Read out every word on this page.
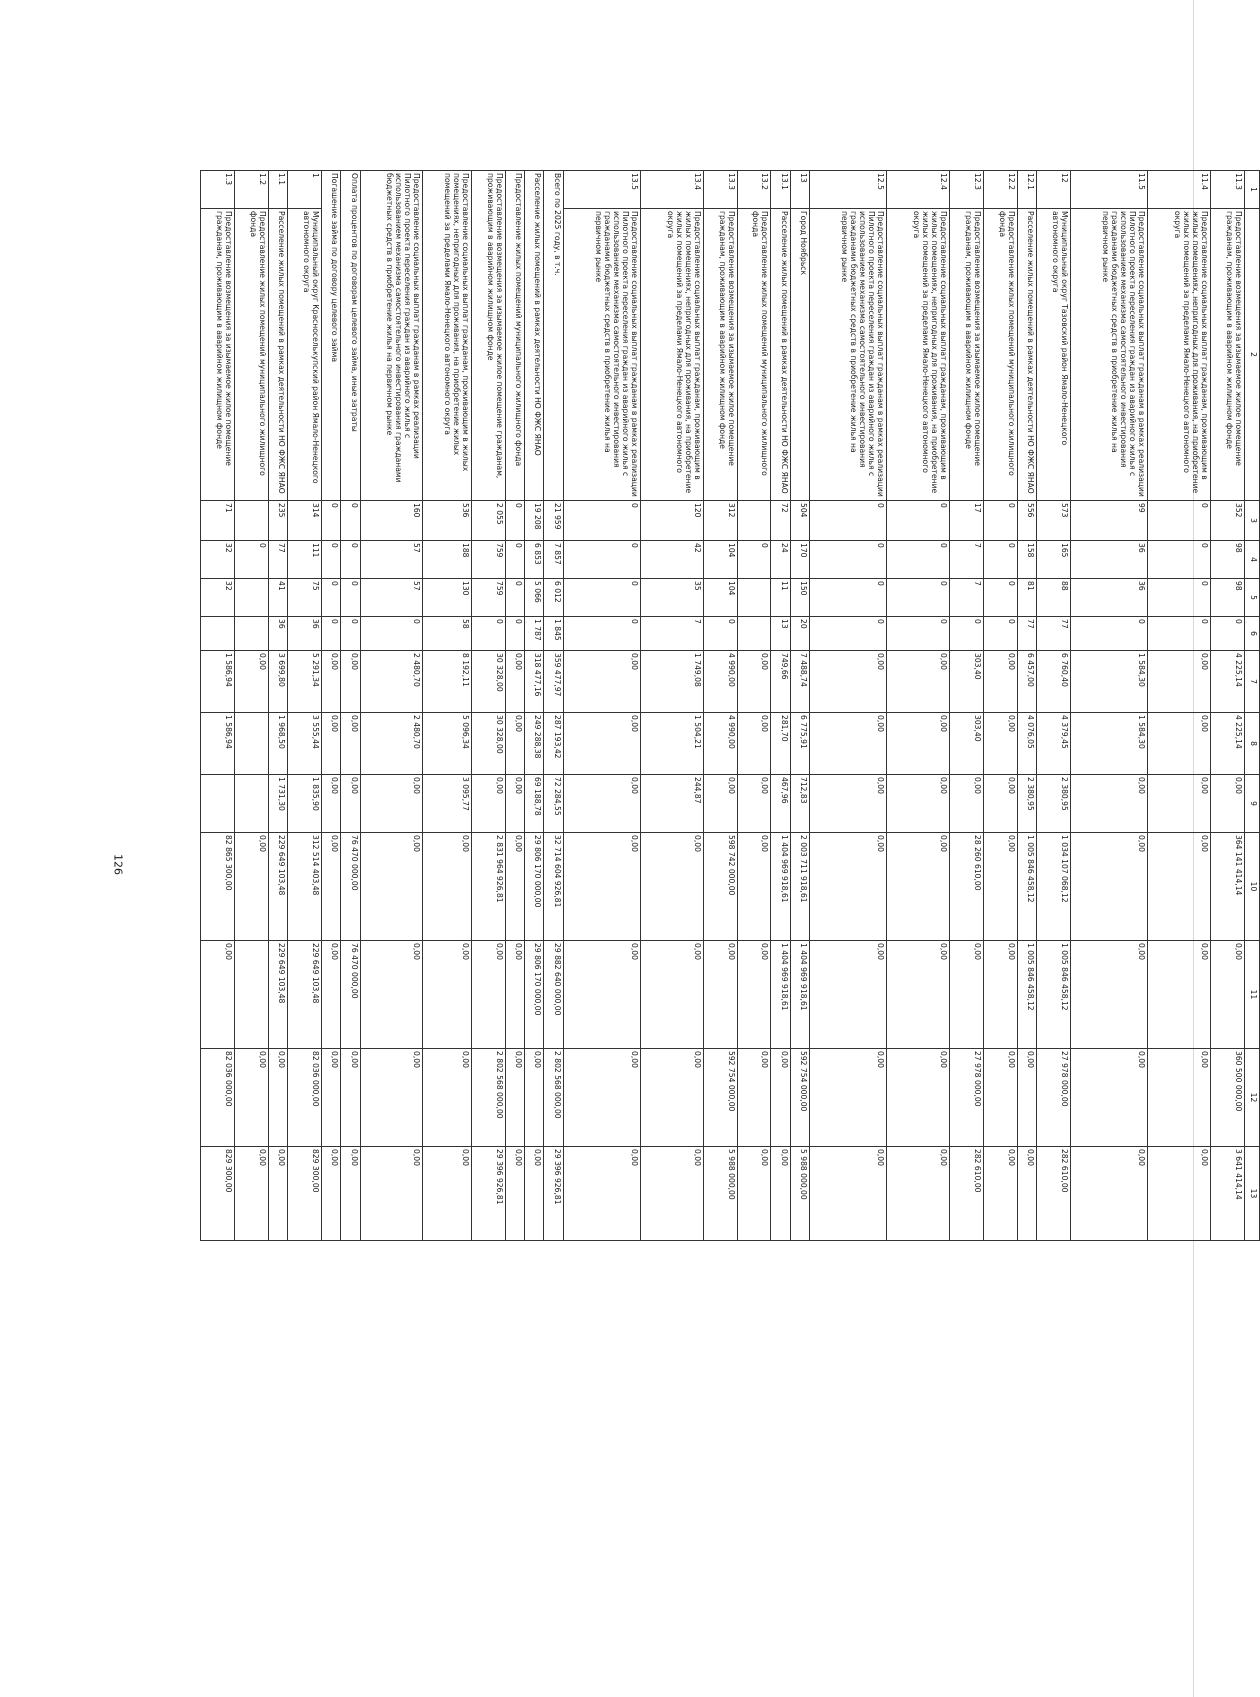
126
1	2	3	4	5	6	7	8	9	10	11	12	13
11.3	Предоставление возмещения за изымаемое жилое помещение гражданам, проживающим в аварийном жилищном фонде	352	98	98	0	4 225,14	4 225,14	0,00	364 141 414,14	0,00	360 500 000,00	3 641 414,14
11.4	Предоставление социальных выплат гражданам, проживающим в жилых помещениях, непригодных для проживания, на приобретение жилых помещений за пределами Ямало-Ненецкого автономного округа	0	0	0	0	0,00	0,00	0,00	0,00	0,00	0,00	0,00
11.5	Предоставление социальных выплат гражданам в рамках реализации Пилотного проекта переселения граждан из аварийного жилья с использованием механизма самостоятельного инвестирования гражданами бюджетных средств в приобретение жилья на первичном рынке	99	36	36	0	1 584,30	1 584,30	0,00	0,00	0,00	0,00	0,00
12	Муниципальный округ Тазовский район Ямало-Ненецкого автономного округа	573	165	88	77	6 760,40	4 379,45	2 380,95	1 034 107 068,12	1 005 846 458,12	27 978 000,00	282 610,00
12.1	Расселение жилых помещений в рамках деятельности НО ФЖС ЯНАО	556	158	81	77	6 457,00	4 076,05	2 380,95	1 005 846 458,12	1 005 846 458,12	0,00	0,00
12.2	Предоставление жилых помещений муниципального жилищного фонда	0	0	0	0	0,00	0,00	0,00	0,00	0,00	0,00	0,00
12.3	Предоставление возмещения за изымаемое жилое помещение гражданам, проживающим в аварийном жилищном фонде	17	7	7	0	303,40	303,40	0,00	28 260 610,00	0,00	27 978 000,00	282 610,00
12.4	Предоставление социальных выплат гражданам, проживающим в жилых помещениях, непригодных для проживания, на приобретение жилых помещений за пределами Ямало-Ненецкого автономного округа	0	0	0	0	0,00	0,00	0,00	0,00	0,00	0,00	0,00
12.5	Предоставление социальных выплат гражданам в рамках реализации Пилотного проекта переселения граждан из аварийного жилья с использованием механизма самостоятельного инвестирования гражданами бюджетных средств в приобретение жилья на первичном рынке	0	0	0	0	0,00	0,00	0,00	0,00	0,00	0,00	0,00
13	Город Ноябрьск	504	170	150	20	7 488,74	6 775,91	712,83	2 003 711 918,61	1 404 969 918,61	592 754 000,00	5 988 000,00
13.1	Расселение жилых помещений в рамках деятельности НО ФЖС ЯНАО	72	24	11	13	749,66	281,70	467,96	1 404 969 918,61	1 404 969 918,61	0,00	0,00
13.2	Предоставление жилых помещений муниципального жилищного фонда		0			0,00	0,00	0,00	0,00	0,00	0,00	0,00
13.3	Предоставление возмещения за изымаемое жилое помещение гражданам, проживающим в аварийном жилищном фонде	312	104	104	0	4 990,00	4 990,00	0,00	598 742 000,00	0,00	592 754 000,00	5 988 000,00
13.4	Предоставление социальных выплат гражданам, проживающим в жилых помещениях, непригодных для проживания, на приобретение жилых помещений за пределами Ямало-Ненецкого автономного округа	120	42	35	7	1 749,08	1 504,21	244,87	0,00	0,00	0,00	0,00
13.5	Предоставление социальных выплат гражданам в рамках реализации Пилотного проекта переселения граждан из аварийного жилья с использованием механизма самостоятельного инвестирования гражданами бюджетных средств в приобретение жилья на первичном рынке	0	0	0	0	0,00	0,00	0,00	0,00	0,00	0,00	0,00
Всего по 2025 году, в т.ч.		21 959	7 857	6 012	1 845	359 477,97	287 193,42	72 284,55	32 714 604 926,81	29 882 640 000,00	2 802 568 000,00	29 396 926,81
Расселение жилых помещений в рамках деятельности НО ФЖС ЯНАО		19 208	6 853	5 066	1 787	318 477,16	249 288,38	69 188,78	29 806 170 000,00	29 806 170 000,00	0,00	0,00
Предоставление жилых помещений муниципального жилищного фонда		0	0	0	0	0,00	0,00	0,00	0,00	0,00	0,00	0,00
Предоставление возмещения за изымаемое жилое помещение гражданам, проживающим в аварийном жилищном фонде		2 055	759	759	0	30 328,00	30 328,00	0,00	2 831 964 926,81	0,00	2 802 568 000,00	29 396 926,81
Предоставление социальных выплат гражданам, проживающим в жилых помещениях, непригодных для проживания, на приобретение жилых помещений за пределами Ямало-Ненецкого автономного округа		536	188	130	58	8 192,11	5 096,34	3 095,77	0,00	0,00	0,00	0,00
Предоставление социальных выплат гражданам в рамках реализации Пилотного проекта переселения граждан из аварийного жилья с использованием механизма самостоятельного инвестирования гражданами бюджетных средств в приобретение жилья на первичном рынке		160	57	57	0	2 480,70	2 480,70	0,00	0,00	0,00	0,00	0,00
Оплата процентов по договорам целевого займа, иные затраты		0	0	0	0	0,00	0,00	0,00	76 470 000,00	76 470 000,00	0,00	0,00
Погашение займа по договору целевого займа		0	0	0	0	0,00	0,00	0,00	0,00	0,00	0,00	0,00
1	Муниципальный округ Красноселькупский район Ямало-Ненецкого автономного округа	314	111	75	36	5 291,34	3 555,44	1 835,90	312 514 403,48	229 649 103,48	82 036 000,00	829 300,00
1.1	Расселение жилых помещений в рамках деятельности НО ФЖС ЯНАО	235	77	41	36	3 699,80	1 968,50	1 731,30	229 649 103,48	229 649 103,48	0,00	0,00
1.2	Предоставление жилых помещений муниципального жилищного фонда		0			0,00			0,00		0,00	0,00
1.3	Предоставление возмещения за изымаемое жилое помещение гражданам, проживающим в аварийном жилищном фонде	71	32	32		1 586,94	1 586,94		82 865 300,00	0,00	82 036 000,00	829 300,00
